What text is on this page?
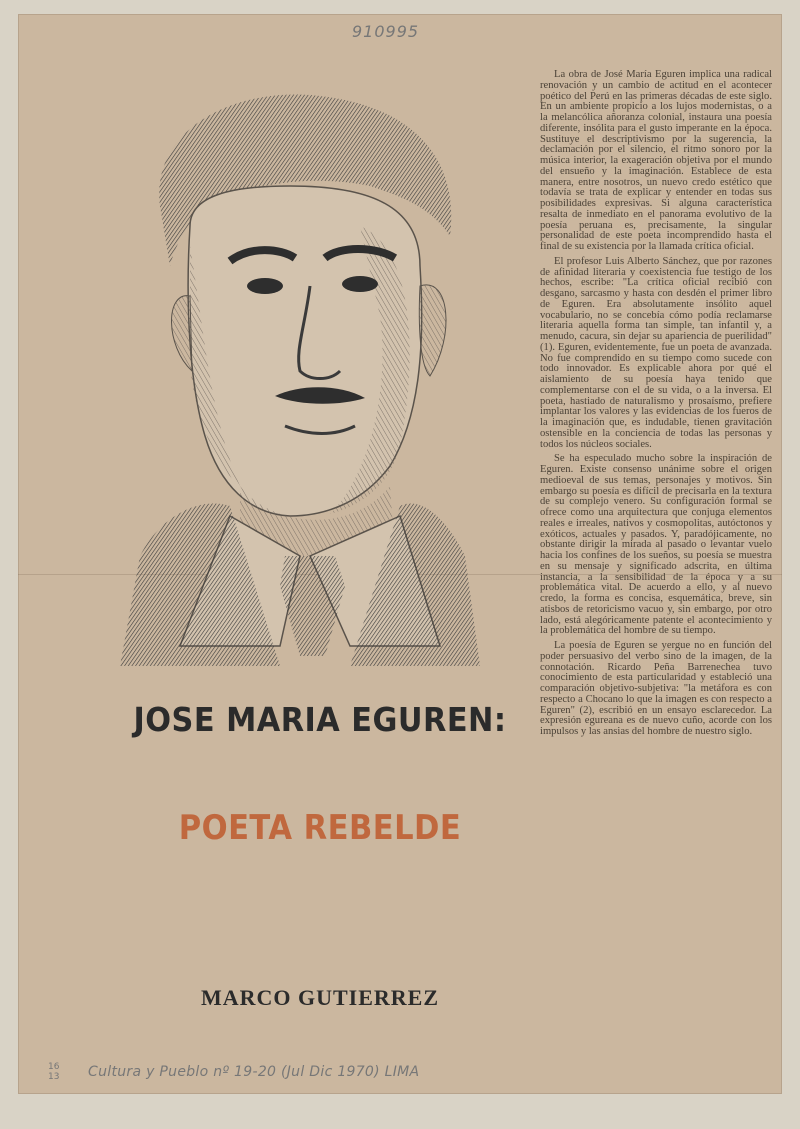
910995
JOSE MARIA EGUREN:
POETA REBELDE
MARCO GUTIERREZ

La obra de José María Eguren implica una radical renovación y un cambio de actitud en el acontecer poético del Perú en las primeras décadas de este siglo. En un ambiente propicio a los lujos modernistas, o a la melancólica añoranza colonial, instaura una poesía diferente, insólita para el gusto imperante en la época. Sustituye el descriptivismo por la sugerencia, la declamación por el silencio, el ritmo sonoro por la música interior, la exageración objetiva por el mundo del ensueño y la imaginación. Establece de esta manera, entre nosotros, un nuevo credo estético que todavía se trata de explicar y entender en todas sus posibilidades expresivas. Si alguna característica resalta de inmediato en el panorama evolutivo de la poesía peruana es, precisamente, la singular personalidad de este poeta incomprendido hasta el final de su existencia por la llamada crítica oficial.

El profesor Luis Alberto Sánchez, que por razones de afinidad literaria y coexistencia fue testigo de los hechos, escribe: "La crítica oficial recibió con desgano, sarcasmo y hasta con desdén el primer libro de Eguren. Era absolutamente insólito aquel vocabulario, no se concebía cómo podía reclamarse literaria aquella forma tan simple, tan infantil y, a menudo, cacura, sin dejar su apariencia de puerilidad" (1). Eguren, evidentemente, fue un poeta de avanzada. No fue comprendido en su tiempo como sucede con todo innovador. Es explicable ahora por qué el aislamiento de su poesía haya tenido que complementarse con el de su vida, o a la inversa. El poeta, hastiado de naturalismo y prosaísmo, prefiere implantar los valores y las evidencias de los fueros de la imaginación que, es indudable, tienen gravitación ostensible en la conciencia de todas las personas y todos los núcleos sociales.

Se ha especulado mucho sobre la inspiración de Eguren. Existe consenso unánime sobre el origen medioeval de sus temas, personajes y motivos. Sin embargo su poesía es difícil de precisarla en la textura de su complejo venero. Su configuración formal se ofrece como una arquitectura que conjuga elementos reales e irreales, nativos y cosmopolitas, autóctonos y exóticos, actuales y pasados. Y, paradójicamente, no obstante dirigir la mirada al pasado o levantar vuelo hacia los confines de los sueños, su poesía se muestra en su mensaje y significado adscrita, en última instancia, a la sensibilidad de la época y a su problemática vital. De acuerdo a ello, y al nuevo credo, la forma es concisa, esquemática, breve, sin atisbos de retoricismo vacuo y, sin embargo, por otro lado, está alegóricamente patente el acontecimiento y la problemática del hombre de su tiempo.

La poesía de Eguren se yergue no en función del poder persuasivo del verbo sino de la imagen, de la connotación. Ricardo Peña Barrenechea tuvo conocimiento de esta particularidad y estableció una comparación objetivo-subjetiva: "la metáfora es con respecto a Chocano lo que la imagen es con respecto a Eguren" (2), escribió en un ensayo esclarecedor. La expresión egureana es de nuevo cuño, acorde con los impulsos y las ansias del hombre de nuestro siglo.

16
13 Cultura y Pueblo nº 19-20 (Jul Dic 1970) LIMA
